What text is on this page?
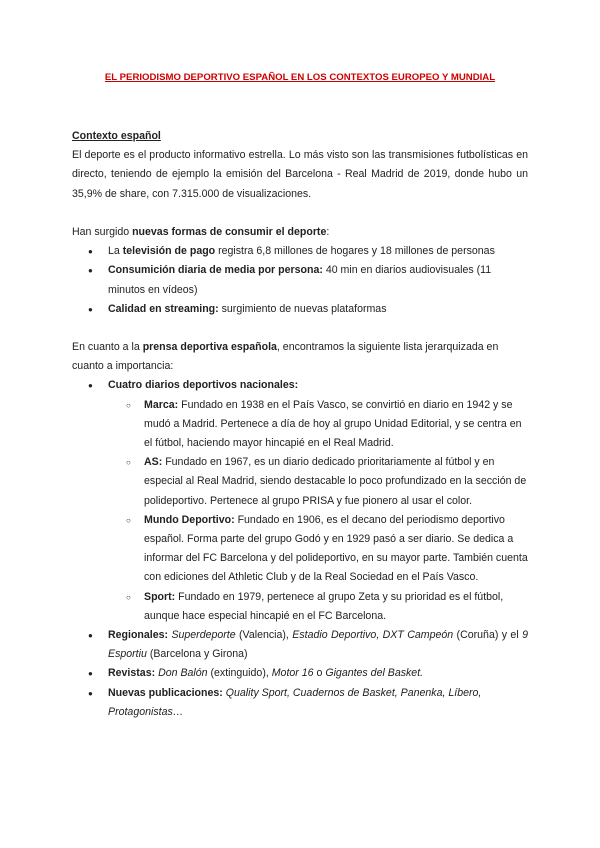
EL PERIODISMO DEPORTIVO ESPAÑOL EN LOS CONTEXTOS EUROPEO Y MUNDIAL
Contexto español
El deporte es el producto informativo estrella. Lo más visto son las transmisiones futbolísticas en directo, teniendo de ejemplo la emisión del Barcelona - Real Madrid de 2019, donde hubo un 35,9% de share, con 7.315.000 de visualizaciones.
Han surgido nuevas formas de consumir el deporte:
● La televisión de pago registra 6,8 millones de hogares y 18 millones de personas
● Consumición diaria de media por persona: 40 min en diarios audiovisuales (11 minutos en vídeos)
● Calidad en streaming: surgimiento de nuevas plataformas
En cuanto a la prensa deportiva española, encontramos la siguiente lista jerarquizada en cuanto a importancia:
● Cuatro diarios deportivos nacionales:
○ Marca: Fundado en 1938 en el País Vasco, se convirtió en diario en 1942 y se mudó a Madrid. Pertenece a día de hoy al grupo Unidad Editorial, y se centra en el fútbol, haciendo mayor hincapié en el Real Madrid.
○ AS: Fundado en 1967, es un diario dedicado prioritariamente al fútbol y en especial al Real Madrid, siendo destacable lo poco profundizado en la sección de polideportivo. Pertenece al grupo PRISA y fue pionero al usar el color.
○ Mundo Deportivo: Fundado en 1906, es el decano del periodismo deportivo español. Forma parte del grupo Godó y en 1929 pasó a ser diario. Se dedica a informar del FC Barcelona y del polideportivo, en su mayor parte. También cuenta con ediciones del Athletic Club y de la Real Sociedad en el País Vasco.
○ Sport: Fundado en 1979, pertenece al grupo Zeta y su prioridad es el fútbol, aunque hace especial hincapié en el FC Barcelona.
● Regionales: Superdeporte (Valencia), Estadio Deportivo, DXT Campeón (Coruña) y el 9 Esportiu (Barcelona y Girona)
● Revistas: Don Balón (extinguido), Motor 16 o Gigantes del Basket.
● Nuevas publicaciones: Quality Sport, Cuadernos de Basket, Panenka, Líbero, Protagonistas…
